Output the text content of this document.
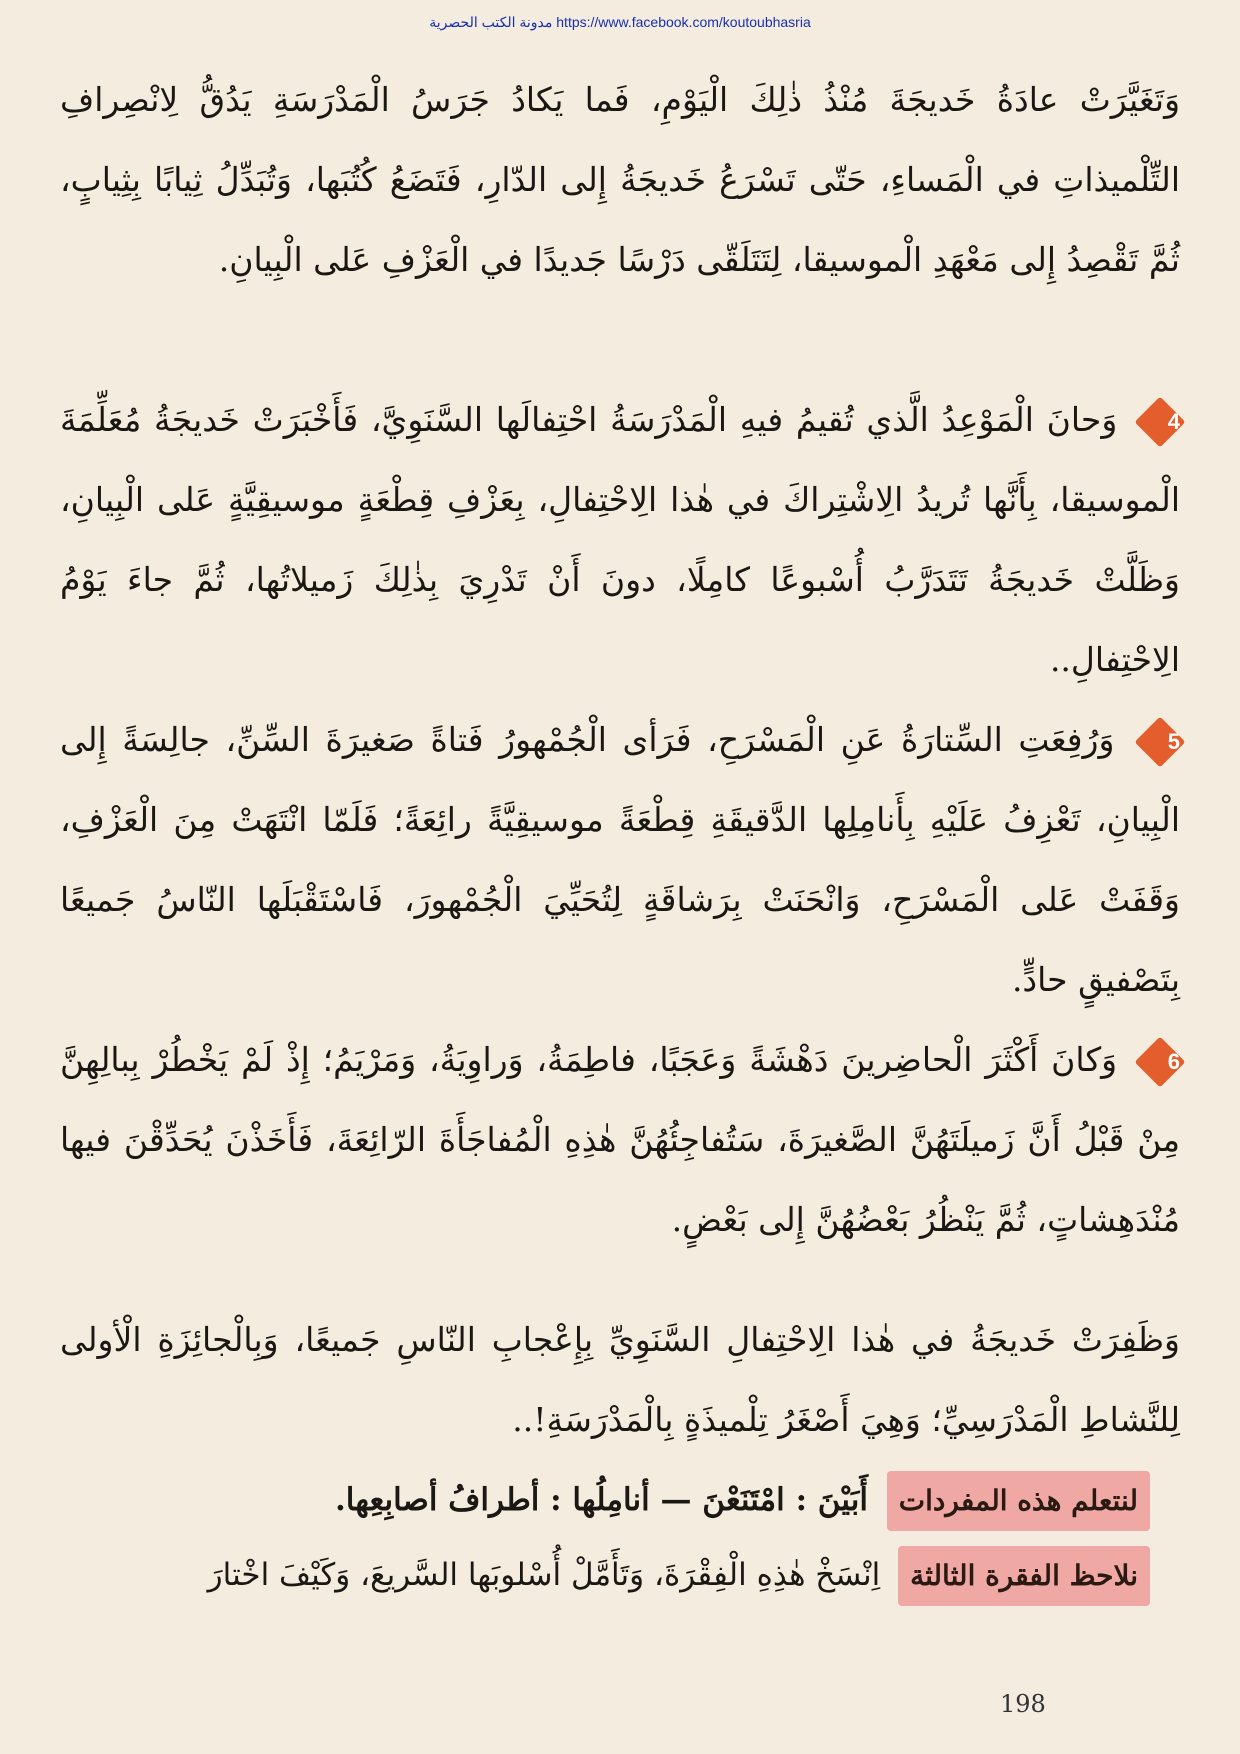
https://www.facebook.com/koutoubhasria مدونة الكتب الحصرية
وَتَغَيَّرَتْ عادَةُ خَديجَةَ مُنْذُ ذٰلِكَ الْيَوْمِ، فَما يَكادُ جَرَسُ الْمَدْرَسَةِ يَدُقُّ لِانْصِرافِ التِّلْميذاتِ في الْمَساءِ، حَتّى تَسْرَعُ خَديجَةُ إِلى الدّارِ، فَتَضَعُ كُتُبَها، وَتُبَدِّلُ ثِيابًا بِثِيابٍ، ثُمَّ تَقْصِدُ إِلى مَعْهَدِ الْموسيقا، لِتَتَلَقّى دَرْسًا جَديدًا في الْعَزْفِ عَلى الْبِيانِ.
4 وَحانَ الْمَوْعِدُ الَّذي تُقيمُ فيهِ الْمَدْرَسَةُ احْتِفالَها السَّنَوِيَّ، فَأَخْبَرَتْ خَديجَةُ مُعَلِّمَةَ الْموسيقا، بِأَنَّها تُريدُ الِاشْتِراكَ في هٰذا الِاحْتِفالِ، بِعَزْفِ قِطْعَةٍ موسيقِيَّةٍ عَلى الْبِيانِ، وَظَلَّتْ خَديجَةُ تَتَدَرَّبُ أُسْبوعًا كامِلًا، دونَ أَنْ تَدْرِيَ بِذٰلِكَ زَميلاتُها، ثُمَّ جاءَ يَوْمُ الِاحْتِفالِ..
5 وَرُفِعَتِ السِّتارَةُ عَنِ الْمَسْرَحِ، فَرَأى الْجُمْهورُ فَتاةً صَغيرَةَ السِّنِّ، جالِسَةً إِلى الْبِيانِ، تَعْزِفُ عَلَيْهِ بِأَنامِلِها الدَّقيقَةِ قِطْعَةً موسيقِيَّةً رائِعَةً؛ فَلَمّا انْتَهَتْ مِنَ الْعَزْفِ، وَقَفَتْ عَلى الْمَسْرَحِ، وَانْحَنَتْ بِرَشاقَةٍ لِتُحَيِّيَ الْجُمْهورَ، فَاسْتَقْبَلَها النّاسُ جَميعًا بِتَصْفيقٍ حادٍّ.
6 وَكانَ أَكْثَرَ الْحاضِرينَ دَهْشَةً وَعَجَبًا، فاطِمَةُ، وَراوِيَةُ، وَمَرْيَمُ؛ إِذْ لَمْ يَخْطُرْ بِبالِهِنَّ مِنْ قَبْلُ أَنَّ زَميلَتَهُنَّ الصَّغيرَةَ، سَتُفاجِئُهُنَّ هٰذِهِ الْمُفاجَأَةَ الرّائِعَةَ، فَأَخَذْنَ يُحَدِّقْنَ فيها مُنْدَهِشاتٍ، ثُمَّ يَنْظُرُ بَعْضُهُنَّ إِلى بَعْضٍ.
وَظَفِرَتْ خَديجَةُ في هٰذا الِاحْتِفالِ السَّنَوِيِّ بِإِعْجابِ النّاسِ جَميعًا، وَبِالْجائِزَةِ الْأولى لِلنَّشاطِ الْمَدْرَسِيِّ؛ وَهِيَ أَصْغَرُ تِلْميذَةٍ بِالْمَدْرَسَةِ!..
لنتعلم هذه المفردات أَبَيْنَ : امْتَنَعْنَ — أنامِلُها : أطرافُ أصابِعِها.
نلاحظ الفقرة الثالثة اِنْسَخْ هٰذِهِ الْفِقْرَةَ، وَتَأَمَّلْ أُسْلوبَها السَّريعَ، وَكَيْفَ اخْتارَ
198
